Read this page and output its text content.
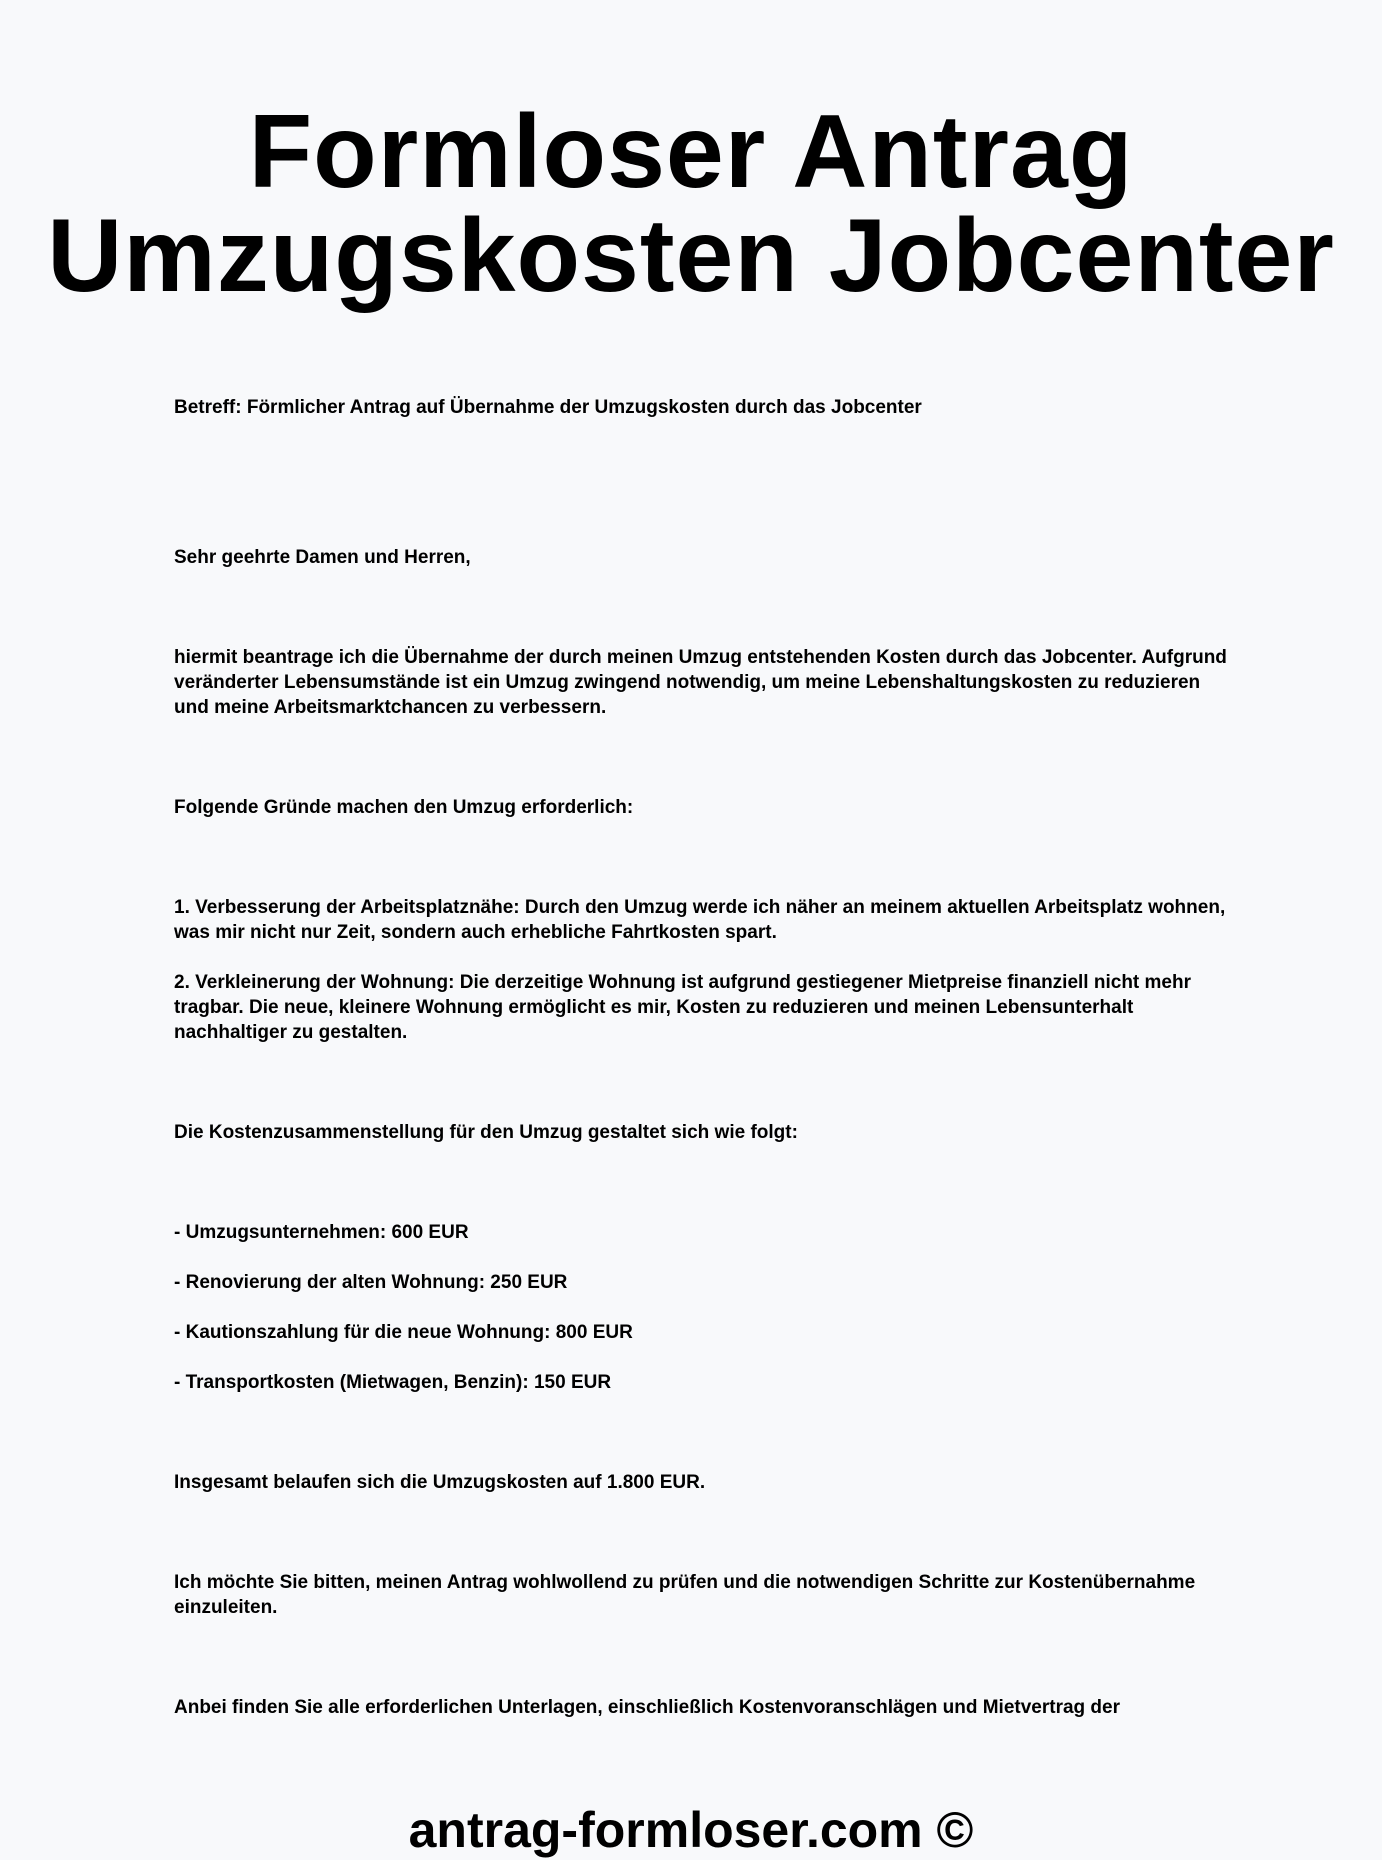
Formloser Antrag
Umzugskosten Jobcenter

Betreff: Förmlicher Antrag auf Übernahme der Umzugskosten durch das Jobcenter

Sehr geehrte Damen und Herren,

hiermit beantrage ich die Übernahme der durch meinen Umzug entstehenden Kosten durch das Jobcenter. Aufgrund veränderter Lebensumstände ist ein Umzug zwingend notwendig, um meine Lebenshaltungskosten zu reduzieren und meine Arbeitsmarktchancen zu verbessern.

Folgende Gründe machen den Umzug erforderlich:

1. Verbesserung der Arbeitsplatznähe: Durch den Umzug werde ich näher an meinem aktuellen Arbeitsplatz wohnen, was mir nicht nur Zeit, sondern auch erhebliche Fahrtkosten spart.

2. Verkleinerung der Wohnung: Die derzeitige Wohnung ist aufgrund gestiegener Mietpreise finanziell nicht mehr tragbar. Die neue, kleinere Wohnung ermöglicht es mir, Kosten zu reduzieren und meinen Lebensunterhalt nachhaltiger zu gestalten.

Die Kostenzusammenstellung für den Umzug gestaltet sich wie folgt:

- Umzugsunternehmen: 600 EUR

- Renovierung der alten Wohnung: 250 EUR

- Kautionszahlung für die neue Wohnung: 800 EUR

- Transportkosten (Mietwagen, Benzin): 150 EUR

Insgesamt belaufen sich die Umzugskosten auf 1.800 EUR.

Ich möchte Sie bitten, meinen Antrag wohlwollend zu prüfen und die notwendigen Schritte zur Kostenübernahme einzuleiten.

Anbei finden Sie alle erforderlichen Unterlagen, einschließlich Kostenvoranschlägen und Mietvertrag der

antrag-formloser.com ©
